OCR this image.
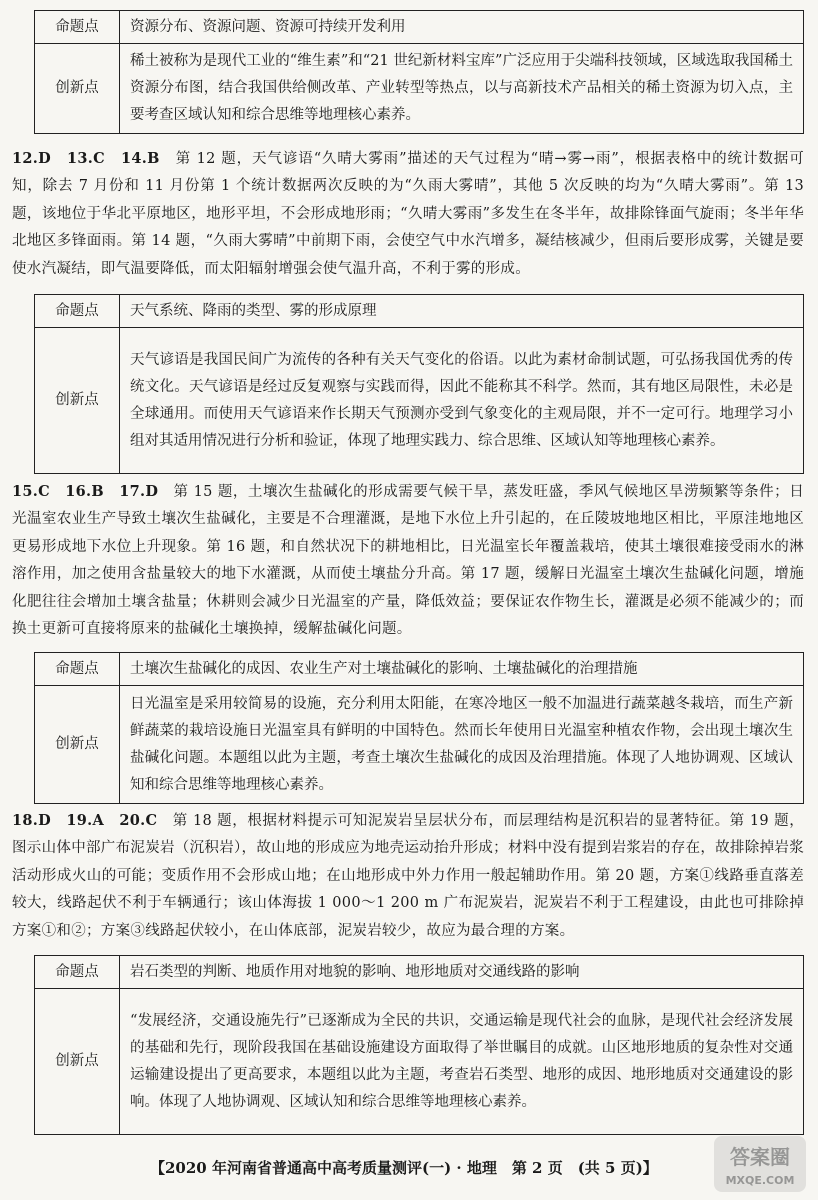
命题点	资源分布、资源问题、资源可持续开发利用
创新点	稀土被称为是现代工业的“维生素”和“21 世纪新材料宝库”广泛应用于尖端科技领域，区域选取我国稀土资源分布图，结合我国供给侧改革、产业转型等热点，以与高新技术产品相关的稀土资源为切入点，主要考查区域认知和综合思维等地理核心素养。
12.D　13.C　14.B　第 12 题，天气谚语“久晴大雾雨”描述的天气过程为“晴→雾→雨”，根据表格中的统计数据可知，除去 7 月份和 11 月份第 1 个统计数据两次反映的为“久雨大雾晴”，其他 5 次反映的均为“久晴大雾雨”。第 13 题，该地位于华北平原地区，地形平坦，不会形成地形雨；“久晴大雾雨”多发生在冬半年，故排除锋面气旋雨；冬半年华北地区多锋面雨。第 14 题，“久雨大雾晴”中前期下雨，会使空气中水汽增多，凝结核减少，但雨后要形成雾，关键是要使水汽凝结，即气温要降低，而太阳辐射增强会使气温升高，不利于雾的形成。
命题点	天气系统、降雨的类型、雾的形成原理
创新点	天气谚语是我国民间广为流传的各种有关天气变化的俗语。以此为素材命制试题，可弘扬我国优秀的传统文化。天气谚语是经过反复观察与实践而得，因此不能称其不科学。然而，其有地区局限性，未必是全球通用。而使用天气谚语来作长期天气预测亦受到气象变化的主观局限，并不一定可行。地理学习小组对其适用情况进行分析和验证，体现了地理实践力、综合思维、区域认知等地理核心素养。
15.C　16.B　17.D　第 15 题，土壤次生盐碱化的形成需要气候干旱，蒸发旺盛，季风气候地区旱涝频繁等条件；日光温室农业生产导致土壤次生盐碱化，主要是不合理灌溉，是地下水位上升引起的，在丘陵坡地地区相比，平原洼地地区更易形成地下水位上升现象。第 16 题，和自然状况下的耕地相比，日光温室长年覆盖栽培，使其土壤很难接受雨水的淋溶作用，加之使用含盐量较大的地下水灌溉，从而使土壤盐分升高。第 17 题，缓解日光温室土壤次生盐碱化问题，增施化肥往往会增加土壤含盐量；休耕则会减少日光温室的产量，降低效益；要保证农作物生长，灌溉是必须不能减少的；而换土更新可直接将原来的盐碱化土壤换掉，缓解盐碱化问题。
命题点	土壤次生盐碱化的成因、农业生产对土壤盐碱化的影响、土壤盐碱化的治理措施
创新点	日光温室是采用较简易的设施，充分利用太阳能，在寒冷地区一般不加温进行蔬菜越冬栽培，而生产新鲜蔬菜的栽培设施日光温室具有鲜明的中国特色。然而长年使用日光温室种植农作物，会出现土壤次生盐碱化问题。本题组以此为主题，考查土壤次生盐碱化的成因及治理措施。体现了人地协调观、区域认知和综合思维等地理核心素养。
18.D　19.A　20.C　第 18 题，根据材料提示可知泥炭岩呈层状分布，而层理结构是沉积岩的显著特征。第 19 题，图示山体中部广布泥炭岩（沉积岩），故山地的形成应为地壳运动抬升形成；材料中没有提到岩浆岩的存在，故排除掉岩浆活动形成火山的可能；变质作用不会形成山地；在山地形成中外力作用一般起辅助作用。第 20 题，方案①线路垂直落差较大，线路起伏不利于车辆通行；该山体海拔 1 000～1 200 m 广布泥炭岩，泥炭岩不利于工程建设，由此也可排除掉方案①和②；方案③线路起伏较小，在山体底部，泥炭岩较少，故应为最合理的方案。
命题点	岩石类型的判断、地质作用对地貌的影响、地形地质对交通线路的影响
创新点	“发展经济，交通设施先行”已逐渐成为全民的共识，交通运输是现代社会的血脉，是现代社会经济发展的基础和先行，现阶段我国在基础设施建设方面取得了举世瞩目的成就。山区地形地质的复杂性对交通运输建设提出了更高要求，本题组以此为主题，考查岩石类型、地形的成因、地形地质对交通建设的影响。体现了人地协调观、区域认知和综合思维等地理核心素养。
【2020 年河南省普通高中高考质量测评(一) · 地理　第 2 页　(共 5 页)】	答案圈
MXQE.COM
